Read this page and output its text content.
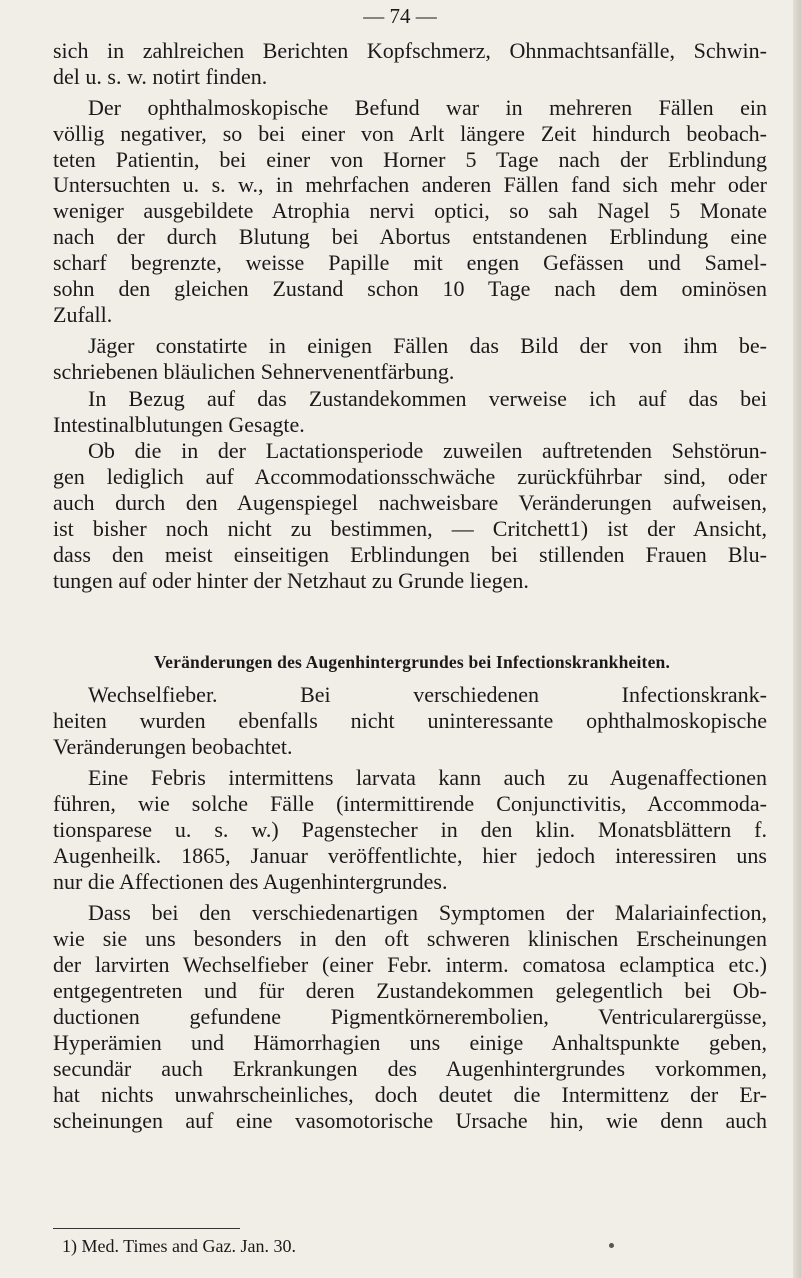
— 74 —
sich in zahlreichen Berichten Kopfschmerz, Ohnmachtsanfälle, Schwin-
del u. s. w. notirt finden.
Der ophthalmoskopische Befund war in mehreren Fällen ein
völlig negativer, so bei einer von Arlt längere Zeit hindurch beobach-
teten Patientin, bei einer von Horner 5 Tage nach der Erblindung
Untersuchten u. s. w., in mehrfachen anderen Fällen fand sich mehr oder
weniger ausgebildete Atrophia nervi optici, so sah Nagel 5 Monate
nach der durch Blutung bei Abortus entstandenen Erblindung eine
scharf begrenzte, weisse Papille mit engen Gefässen und Samel-
sohn den gleichen Zustand schon 10 Tage nach dem ominösen
Zufall.
Jäger constatirte in einigen Fällen das Bild der von ihm be-
schriebenen bläulichen Sehnervenentfärbung.
In Bezug auf das Zustandekommen verweise ich auf das bei
Intestinalblutungen Gesagte.
Ob die in der Lactationsperiode zuweilen auftretenden Sehstörun-
gen lediglich auf Accommodationsschwäche zurückführbar sind, oder
auch durch den Augenspiegel nachweisbare Veränderungen aufweisen,
ist bisher noch nicht zu bestimmen, — Critchett1) ist der Ansicht,
dass den meist einseitigen Erblindungen bei stillenden Frauen Blu-
tungen auf oder hinter der Netzhaut zu Grunde liegen.
Veränderungen des Augenhintergrundes bei Infectionskrankheiten.
Wechselfieber. Bei verschiedenen Infectionskrank-
heiten wurden ebenfalls nicht uninteressante ophthalmoskopische
Veränderungen beobachtet.
Eine Febris intermittens larvata kann auch zu Augenaffectionen
führen, wie solche Fälle (intermittirende Conjunctivitis, Accommoda-
tionsparese u. s. w.) Pagenstecher in den klin. Monatsblättern f.
Augenheilk. 1865, Januar veröffentlichte, hier jedoch interessiren uns
nur die Affectionen des Augenhintergrundes.
Dass bei den verschiedenartigen Symptomen der Malariainfection,
wie sie uns besonders in den oft schweren klinischen Erscheinungen
der larvirten Wechselfieber (einer Febr. interm. comatosa eclamptica etc.)
entgegentreten und für deren Zustandekommen gelegentlich bei Ob-
ductionen gefundene Pigmentkörnerembolien, Ventricularergüsse,
Hyperämien und Hämorrhagien uns einige Anhaltspunkte geben,
secundär auch Erkrankungen des Augenhintergrundes vorkommen,
hat nichts unwahrscheinliches, doch deutet die Intermittenz der Er-
scheinungen auf eine vasomotorische Ursache hin, wie denn auch
1) Med. Times and Gaz. Jan. 30.
